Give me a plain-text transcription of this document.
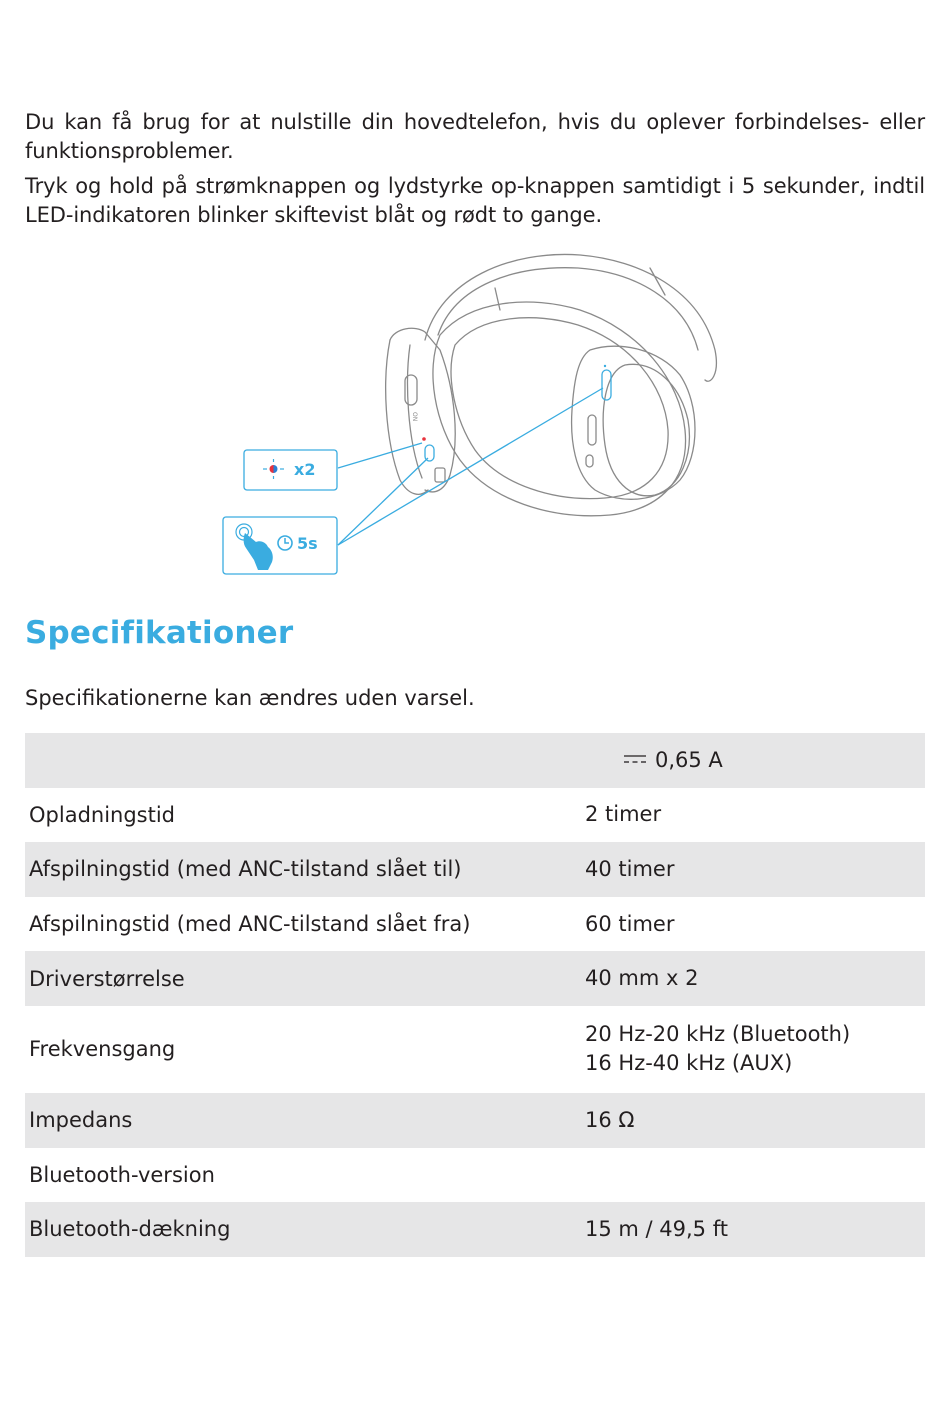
Du kan få brug for at nulstille din hovedtelefon, hvis du oplever forbindelses- eller funktionsproblemer.

Tryk og hold på strømknappen og lydstyrke op-knappen samtidigt i 5 sekunder, indtil LED-indikatoren blinker skiftevist blåt og rødt to gange.

ON
x2
5s
Specifikationer

Specifikationerne kan ændres uden varsel.

	0,65 A
Opladningstid	2 timer
Afspilningstid (med ANC-tilstand slået til)	40 timer
Afspilningstid (med ANC-tilstand slået fra)	60 timer
Driverstørrelse	40 mm x 2
Frekvensgang	20 Hz-20 kHz (Bluetooth)
16 Hz-40 kHz (AUX)

Impedans	16 Ω
Bluetooth-version	
Bluetooth-dækning	15 m / 49,5 ft
